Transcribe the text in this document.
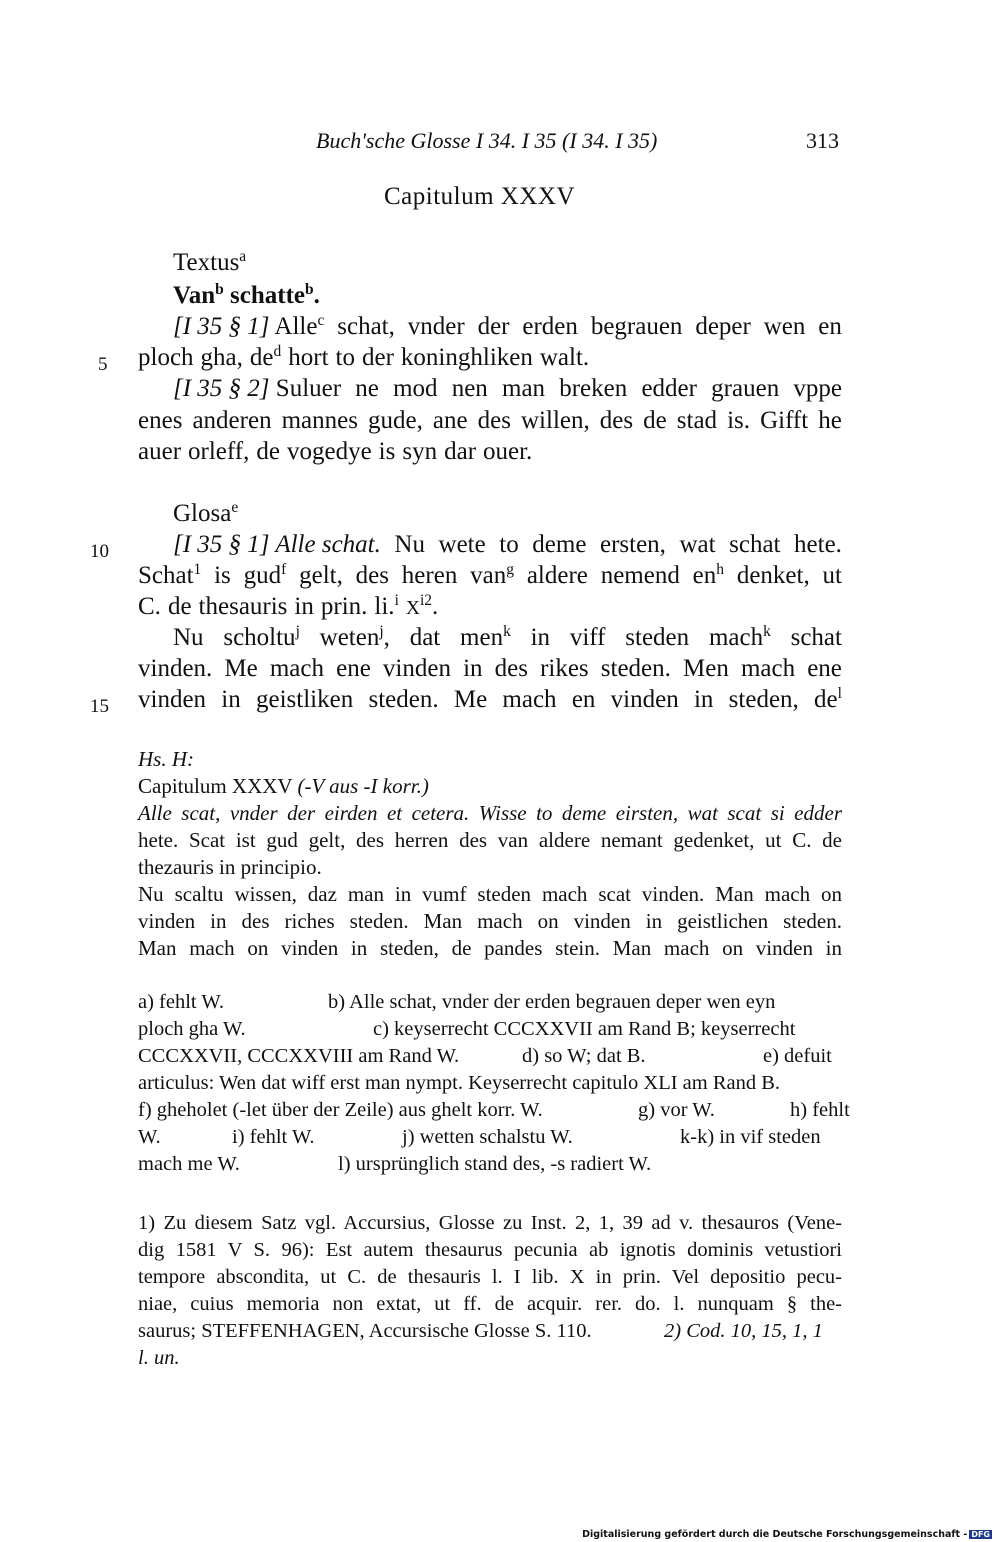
Buch'sche Glosse I 34. I 35 (I 34. I 35)	313
Capitulum XXXV
Textus$^a$
Van$^b$ schatte$^b$.
[I 35 § 1] Alle$^c$ schat, vnder der erden begrauen deper wen en
5 ploch gha, $de^d$ hort to der koninghliken walt.
[I 35 § 2] Suluer ne mod nen man breken edder grauen vppe
enes anderen mannes gude, ane des willen, des de stad is. Gifft he
auer orleff, de vogedye is syn dar ouer.
Glosa$^e$
10	[I 35 § 1] Alle schat. Nu wete to deme ersten, wat schat hete.
Schat$^1$ is gud$^f$ gelt, des heren van$^g$ aldere nemend $en^h$ denket, ut
C. de thesauris in prin. li.$^i$ $X^{i2}$.
Nu scholtu$^j$ weten$^j$, dat men$^k$ in viff steden mach$^k$ schat
vinden. Me mach ene vinden in des rikes steden. Men mach ene
15 vinden in geistliken steden. Me mach en vinden in steden, $de^l$
Hs. H:
Capitulum XXXV (-V aus -I korr.)
Alle scat, vnder der eirden et cetera. Wisse to deme eirsten, wat scat si edder
hete. Scat ist gud gelt, des herren des van aldere nemant gedenket, ut C. de
thezauris in principio.
Nu scaltu wissen, daz man in vumf steden mach scat vinden. Man mach on
vinden in des riches steden. Man mach on vinden in geistlichen steden.
Man mach on vinden in steden, de pandes stein. Man mach on vinden in
a) fehlt W.	b) Alle schat, vnder der erden begrauen deper wen eyn
ploch gha W.	c) keyserrecht CCCXXVII am Rand B; keyserrecht
CCCXXVII, CCCXXVIII am Rand W.	d) so W; dat B.	e) defuit
articulus: Wen dat wiff erst man nympt. Keyserrecht capitulo XLI am Rand B.
f) gheholet (-let über der Zeile) aus ghelt korr. W.	g) vor W.	h) fehlt
W.	i) fehlt W.	j) wetten schalstu W.	k-k) in vif steden
mach me W.	l) ursprünglich stand des, -s radiert W.
1) Zu diesem Satz vgl. Accursius, Glosse zu Inst. 2, 1, 39 ad v. thesauros (Vene-
dig 1581 V S. 96): Est autem thesaurus pecunia ab ignotis dominis vetustiori
tempore abscondita, ut C. de thesauris l. I lib. X in prin. Vel depositio pecu-
niae, cuius memoria non extat, ut ff. de acquir. rer. do. l. nunquam § the-
saurus; STEFFENHAGEN, Accursische Glosse S. 110.	2) Cod. 10, 15, 1, 1
l. un.
Digitalisierung gefördert durch die Deutsche Forschungsgemeinschaft - DFG
